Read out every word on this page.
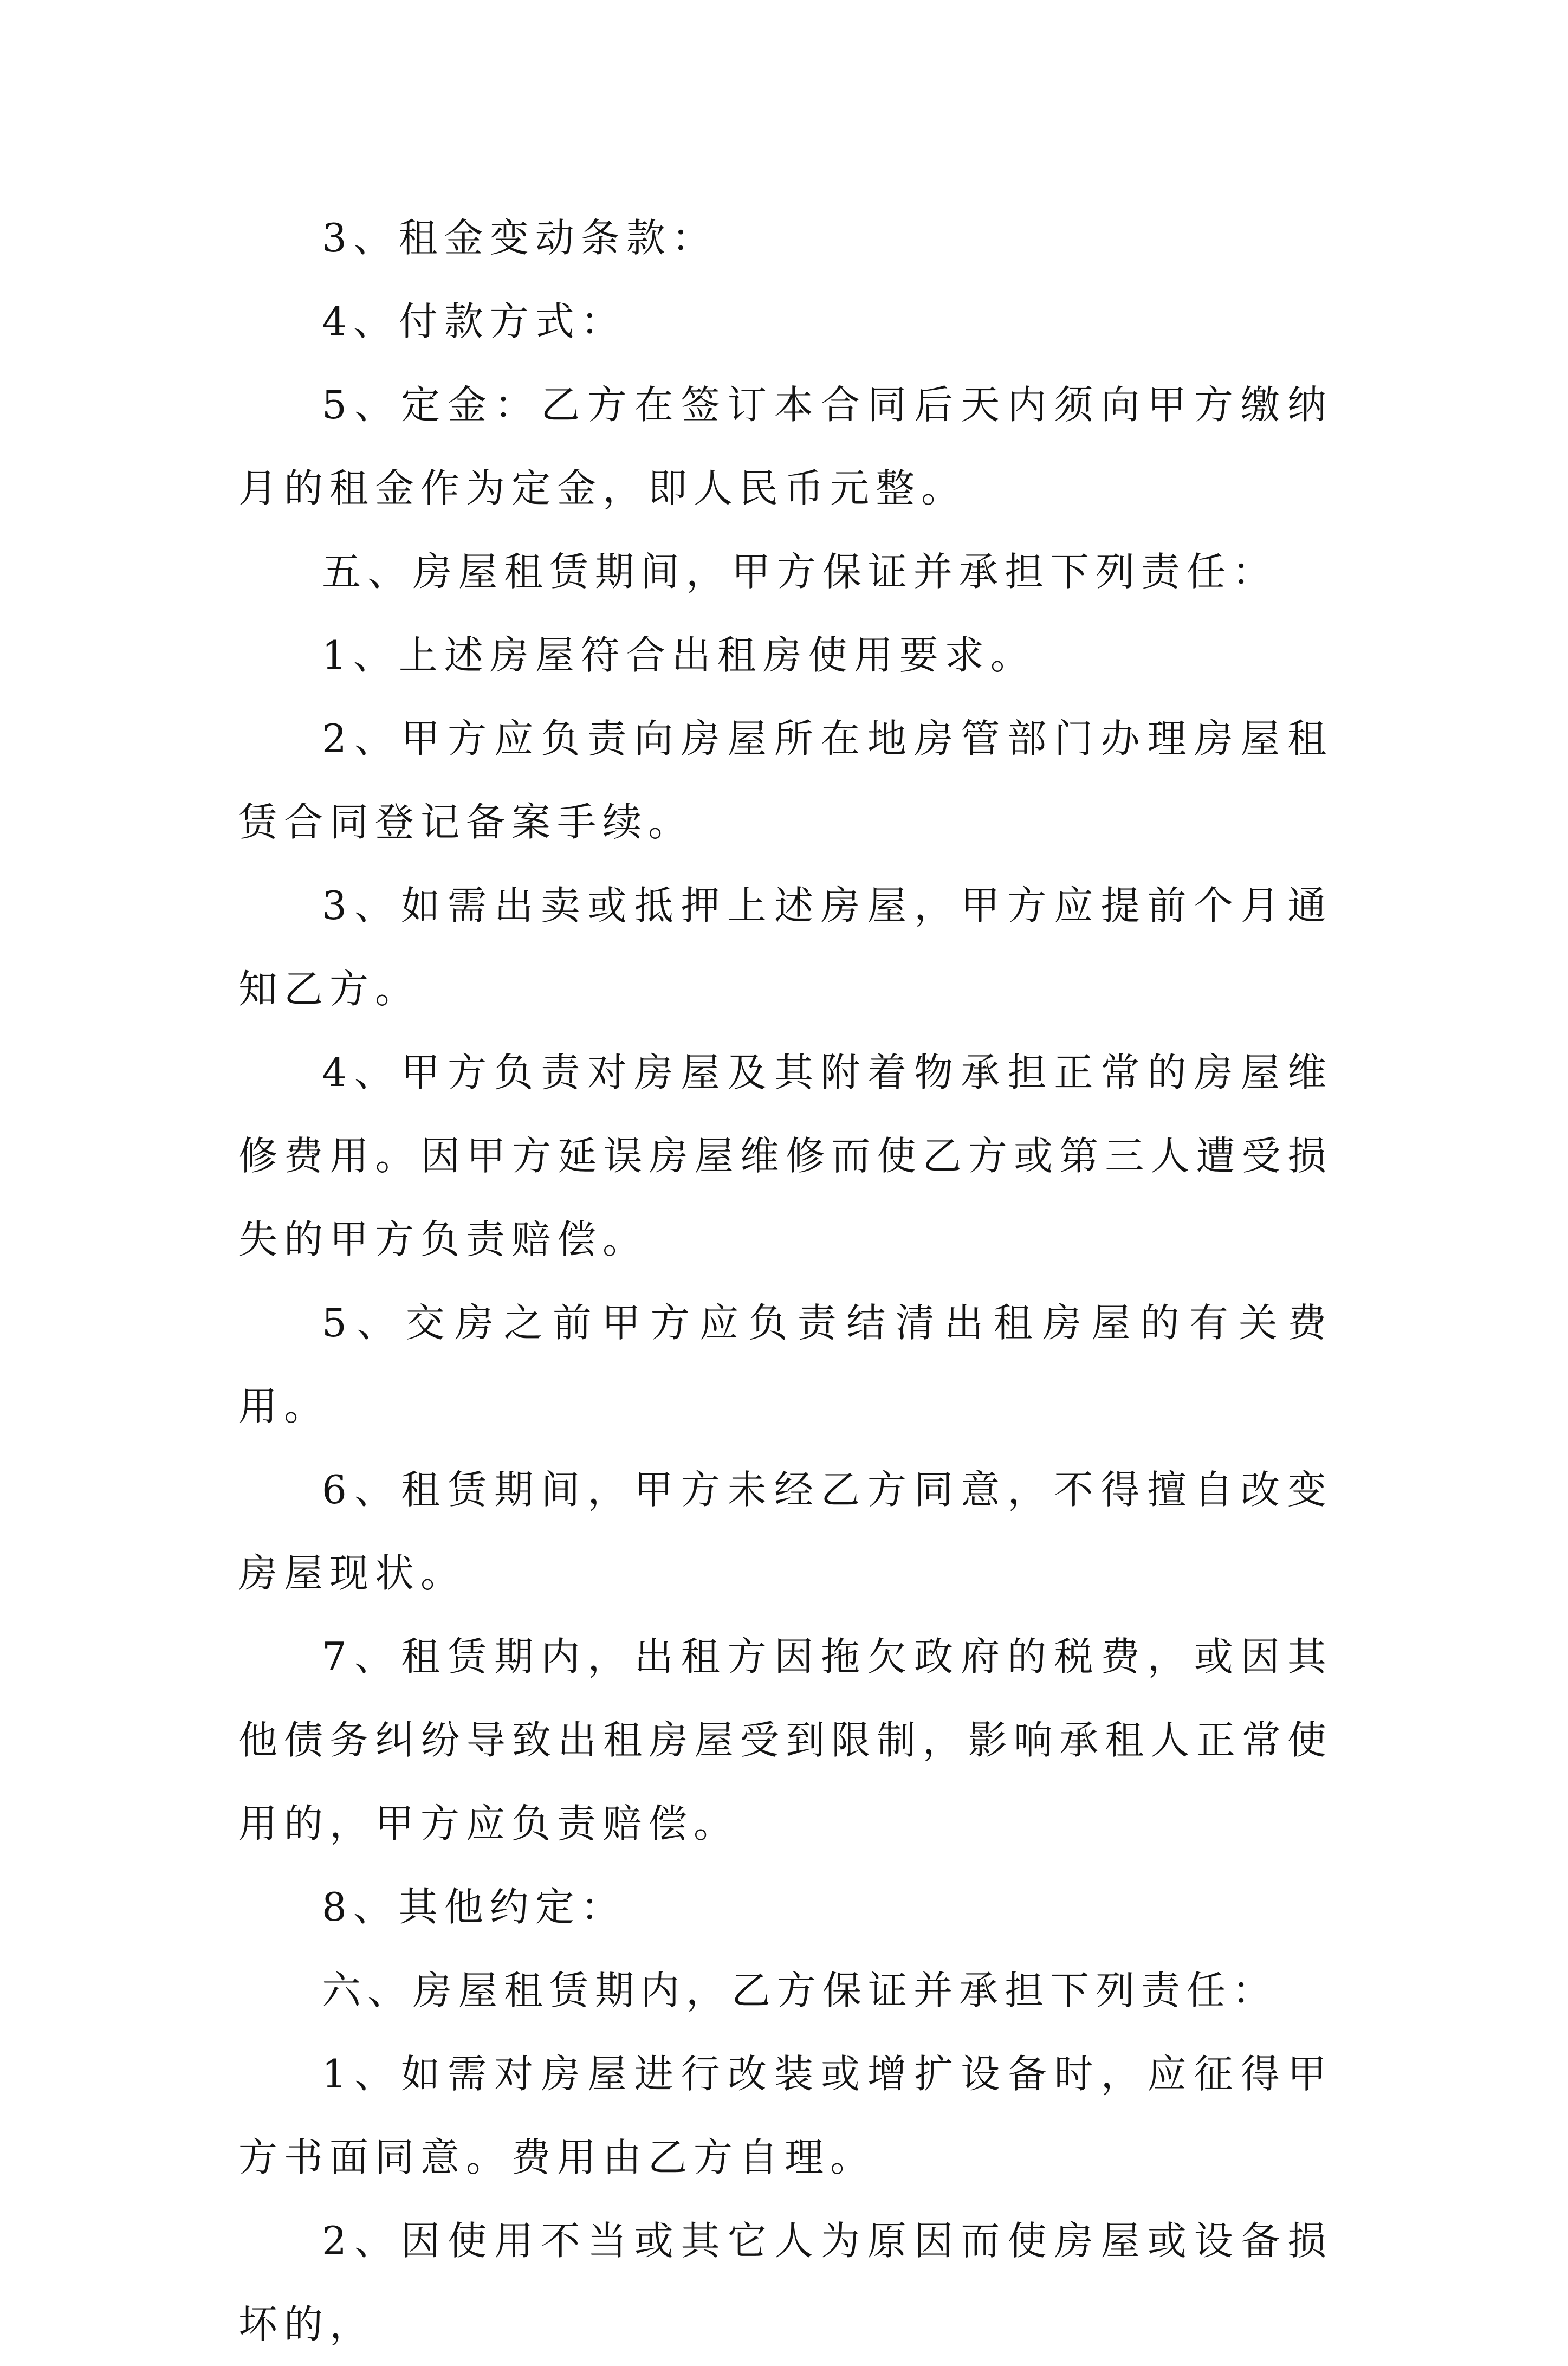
3、租金变动条款：

4、付款方式：

5、定金：乙方在签订本合同后天内须向甲方缴纳月的租金作为定金，即人民币元整。

五、房屋租赁期间，甲方保证并承担下列责任：

1、上述房屋符合出租房使用要求。

2、甲方应负责向房屋所在地房管部门办理房屋租赁合同登记备案手续。

3、如需出卖或抵押上述房屋，甲方应提前个月通知乙方。

4、甲方负责对房屋及其附着物承担正常的房屋维修费用。因甲方延误房屋维修而使乙方或第三人遭受损失的甲方负责赔偿。

5、交房之前甲方应负责结清出租房屋的有关费用。

6、租赁期间，甲方未经乙方同意，不得擅自改变房屋现状。

7、租赁期内，出租方因拖欠政府的税费，或因其他债务纠纷导致出租房屋受到限制，影响承租人正常使用的，甲方应负责赔偿。

8、其他约定：

六、房屋租赁期内，乙方保证并承担下列责任：

1、如需对房屋进行改装或增扩设备时，应征得甲方书面同意。费用由乙方自理。

2、因使用不当或其它人为原因而使房屋或设备损坏的，
